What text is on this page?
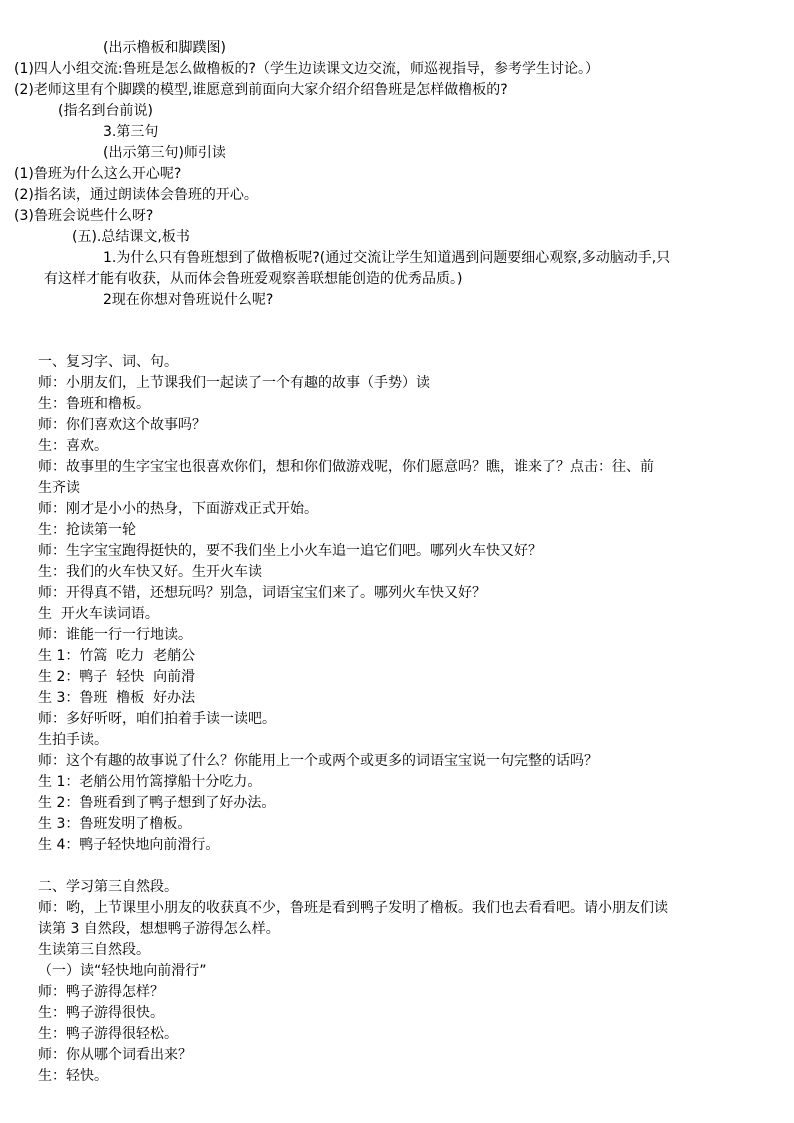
(出示橹板和脚蹼图)
(1)四人小组交流:鲁班是怎么做橹板的?（学生边读课文边交流，师巡视指导，参考学生讨论。）
(2)老师这里有个脚蹼的模型,谁愿意到前面向大家介绍介绍鲁班是怎样做橹板的?
(指名到台前说)
3.第三句
(出示第三句)师引读
(1)鲁班为什么这么开心呢?
(2)指名读，通过朗读体会鲁班的开心。
(3)鲁班会说些什么呀?
(五).总结课文,板书
1.为什么只有鲁班想到了做橹板呢?(通过交流让学生知道遇到问题要细心观察,多动脑动手,只
有这样才能有收获，从而体会鲁班爱观察善联想能创造的优秀品质。)
2现在你想对鲁班说什么呢?
一、复习字、词、句。
师：小朋友们，上节课我们一起读了一个有趣的故事（手势）读
生：鲁班和橹板。
师：你们喜欢这个故事吗？
生：喜欢。
师：故事里的生字宝宝也很喜欢你们，想和你们做游戏呢，你们愿意吗？瞧，谁来了？点击：往、前
生齐读
师：刚才是小小的热身，下面游戏正式开始。
生：抢读第一轮
师：生字宝宝跑得挺快的，要不我们坐上小火车追一追它们吧。哪列火车快又好？
生：我们的火车快又好。生开火车读
师：开得真不错，还想玩吗？别急，词语宝宝们来了。哪列火车快又好？
生  开火车读词语。
师：谁能一行一行地读。
生 1：竹篙  吃力  老艄公
生 2：鸭子  轻快  向前滑
生 3：鲁班  橹板  好办法
师：多好听呀，咱们拍着手读一读吧。
生拍手读。
师：这个有趣的故事说了什么？你能用上一个或两个或更多的词语宝宝说一句完整的话吗？
生 1：老艄公用竹篙撑船十分吃力。
生 2：鲁班看到了鸭子想到了好办法。
生 3：鲁班发明了橹板。
生 4：鸭子轻快地向前滑行。
二、学习第三自然段。
师：哟，上节课里小朋友的收获真不少，鲁班是看到鸭子发明了橹板。我们也去看看吧。请小朋友们读
读第 3 自然段，想想鸭子游得怎么样。
生读第三自然段。
（一）读“轻快地向前滑行”
师：鸭子游得怎样？
生：鸭子游得很快。
生：鸭子游得很轻松。
师：你从哪个词看出来？
生：轻快。
